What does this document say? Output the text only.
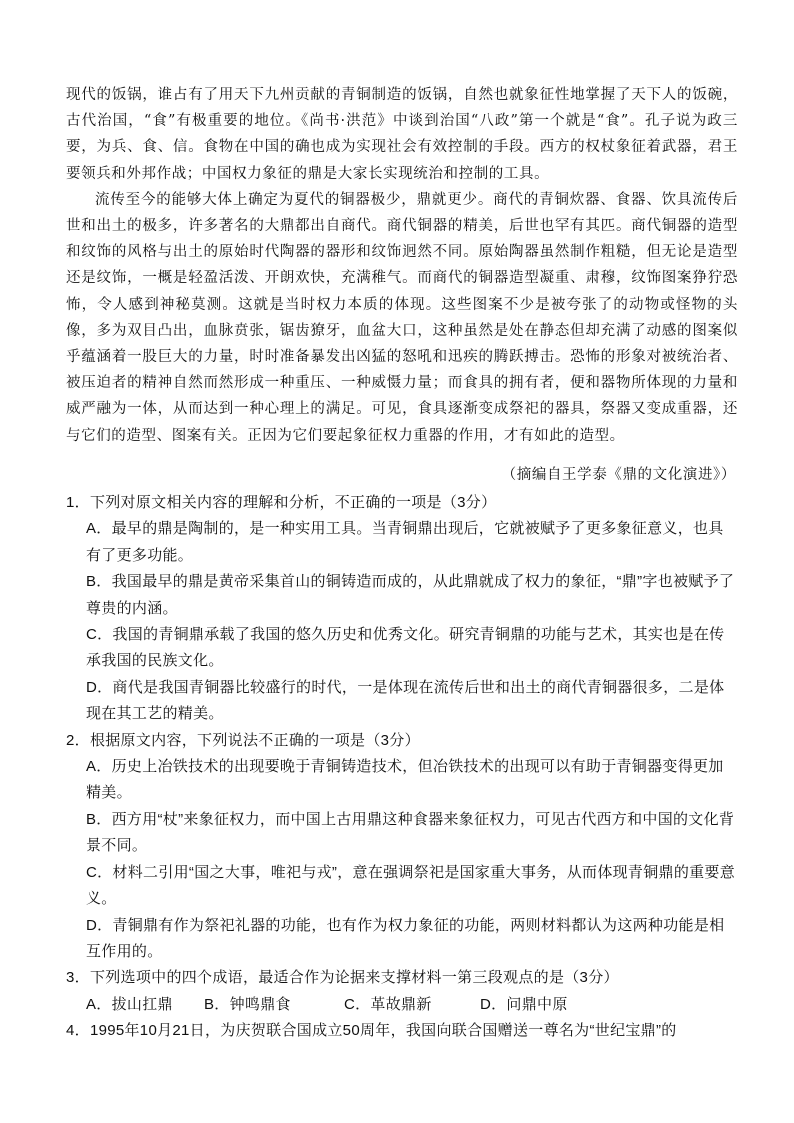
现代的饭锅，谁占有了用天下九州贡献的青铜制造的饭锅，自然也就象征性地掌握了天下人的饭碗，古代治国，“食”有极重要的地位。《尚书·洪范》中谈到治国“八政”第一个就是“食”。孔子说为政三要，为兵、食、信。食物在中国的确也成为实现社会有效控制的手段。西方的权杖象征着武器，君王要领兵和外邦作战；中国权力象征的鼎是大家长实现统治和控制的工具。

流传至今的能够大体上确定为夏代的铜器极少，鼎就更少。商代的青铜炊器、食器、饮具流传后世和出土的极多，许多著名的大鼎都出自商代。商代铜器的精美，后世也罕有其匹。商代铜器的造型和纹饰的风格与出土的原始时代陶器的器形和纹饰迥然不同。原始陶器虽然制作粗糙，但无论是造型还是纹饰，一概是轻盈活泼、开朗欢快，充满稚气。而商代的铜器造型凝重、肃穆，纹饰图案狰狞恐怖，令人感到神秘莫测。这就是当时权力本质的体现。这些图案不少是被夸张了的动物或怪物的头像，多为双目凸出，血脉贲张，锯齿獠牙，血盆大口，这种虽然是处在静态但却充满了动感的图案似乎蕴涵着一股巨大的力量，时时准备暴发出凶猛的怒吼和迅疾的腾跃搏击。恐怖的形象对被统治者、被压迫者的精神自然而然形成一种重压、一种威慑力量；而食具的拥有者，便和器物所体现的力量和威严融为一体，从而达到一种心理上的满足。可见，食具逐渐变成祭祀的器具，祭器又变成重器，还与它们的造型、图案有关。正因为它们要起象征权力重器的作用，才有如此的造型。

（摘编自王学泰《鼎的文化演进》）

1．下列对原文相关内容的理解和分析，不正确的一项是（3分）

A．最早的鼎是陶制的，是一种实用工具。当青铜鼎出现后，它就被赋予了更多象征意义，也具有了更多功能。

B．我国最早的鼎是黄帝采集首山的铜铸造而成的，从此鼎就成了权力的象征，“鼎”字也被赋予了尊贵的内涵。

C．我国的青铜鼎承载了我国的悠久历史和优秀文化。研究青铜鼎的功能与艺术，其实也是在传承我国的民族文化。

D．商代是我国青铜器比较盛行的时代，一是体现在流传后世和出土的商代青铜器很多，二是体现在其工艺的精美。

2．根据原文内容，下列说法不正确的一项是（3分）

A．历史上冶铁技术的出现要晚于青铜铸造技术，但冶铁技术的出现可以有助于青铜器变得更加精美。

B．西方用“杖”来象征权力，而中国上古用鼎这种食器来象征权力，可见古代西方和中国的文化背景不同。

C．材料二引用“国之大事，唯祀与戎”，意在强调祭祀是国家重大事务，从而体现青铜鼎的重要意义。

D．青铜鼎有作为祭祀礼器的功能，也有作为权力象征的功能，两则材料都认为这两种功能是相互作用的。

3．下列选项中的四个成语，最适合作为论据来支撑材料一第三段观点的是（3分）

A．拔山扛鼎	B．钟鸣鼎食	C．革故鼎新	D．问鼎中原

4．1995年10月21日，为庆贺联合国成立50周年，我国向联合国赠送一尊名为“世纪宝鼎”的
